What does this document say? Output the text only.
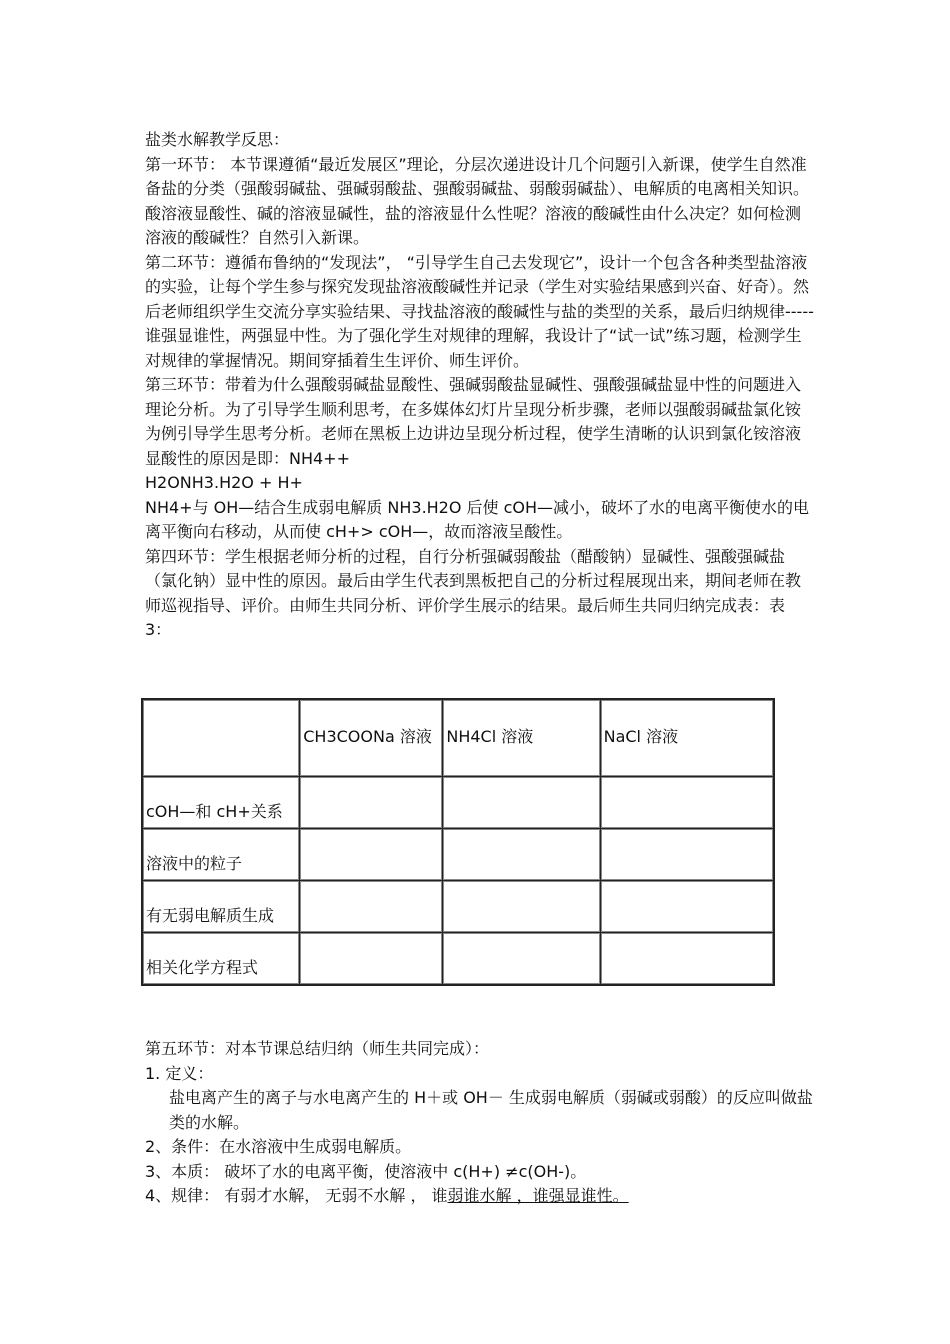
盐类水解教学反思：

第一环节： 本节课遵循“最近发展区”理论，分层次递进设计几个问题引入新课，使学生自然准备盐的分类（强酸弱碱盐、强碱弱酸盐、强酸弱碱盐、弱酸弱碱盐）、电解质的电离相关知识。酸溶液显酸性、碱的溶液显碱性，盐的溶液显什么性呢？溶液的酸碱性由什么决定？如何检测溶液的酸碱性？自然引入新课。

第二环节：遵循布鲁纳的“发现法”， “引导学生自己去发现它”，设计一个包含各种类型盐溶液的实验，让每个学生参与探究发现盐溶液酸碱性并记录（学生对实验结果感到兴奋、好奇）。然后老师组织学生交流分享实验结果、寻找盐溶液的酸碱性与盐的类型的关系，最后归纳规律-----谁强显谁性，两强显中性。为了强化学生对规律的理解，我设计了“试一试”练习题，检测学生对规律的掌握情况。期间穿插着生生评价、师生评价。

第三环节：带着为什么强酸弱碱盐显酸性、强碱弱酸盐显碱性、强酸强碱盐显中性的问题进入理论分析。为了引导学生顺利思考，在多媒体幻灯片呈现分析步骤，老师以强酸弱碱盐氯化铵为例引导学生思考分析。老师在黑板上边讲边呈现分析过程，使学生清晰的认识到氯化铵溶液显酸性的原因是即：NH4++

H2ONH3.H2O + H+

NH4+与 OH—结合生成弱电解质 NH3.H2O 后使 cOH—减小，破坏了水的电离平衡使水的电离平衡向右移动，从而使 cH+> cOH—，故而溶液呈酸性。

第四环节：学生根据老师分析的过程，自行分析强碱弱酸盐（醋酸钠）显碱性、强酸强碱盐（氯化钠）显中性的原因。最后由学生代表到黑板把自己的分析过程展现出来，期间老师在教师巡视指导、评价。由师生共同分析、评价学生展示的结果。最后师生共同归纳完成表：表 3：

	CH3COONa 溶液	NH4Cl 溶液	NaCl 溶液
cOH—和 cH+关系			
溶液中的粒子			
有无弱电解质生成			
相关化学方程式			

第五环节：对本节课总结归纳（师生共同完成）：

1. 定义：

盐电离产生的离子与水电离产生的 H＋或 OH－ 生成弱电解质（弱碱或弱酸）的反应叫做盐类的水解。

2、条件：在水溶液中生成弱电解质。

3、本质： 破坏了水的电离平衡，使溶液中 c(H+) ≠c(OH-)。

4、规律： 有弱才水解， 无弱不水解 ， 谁弱谁水解 ，谁强显谁性。
